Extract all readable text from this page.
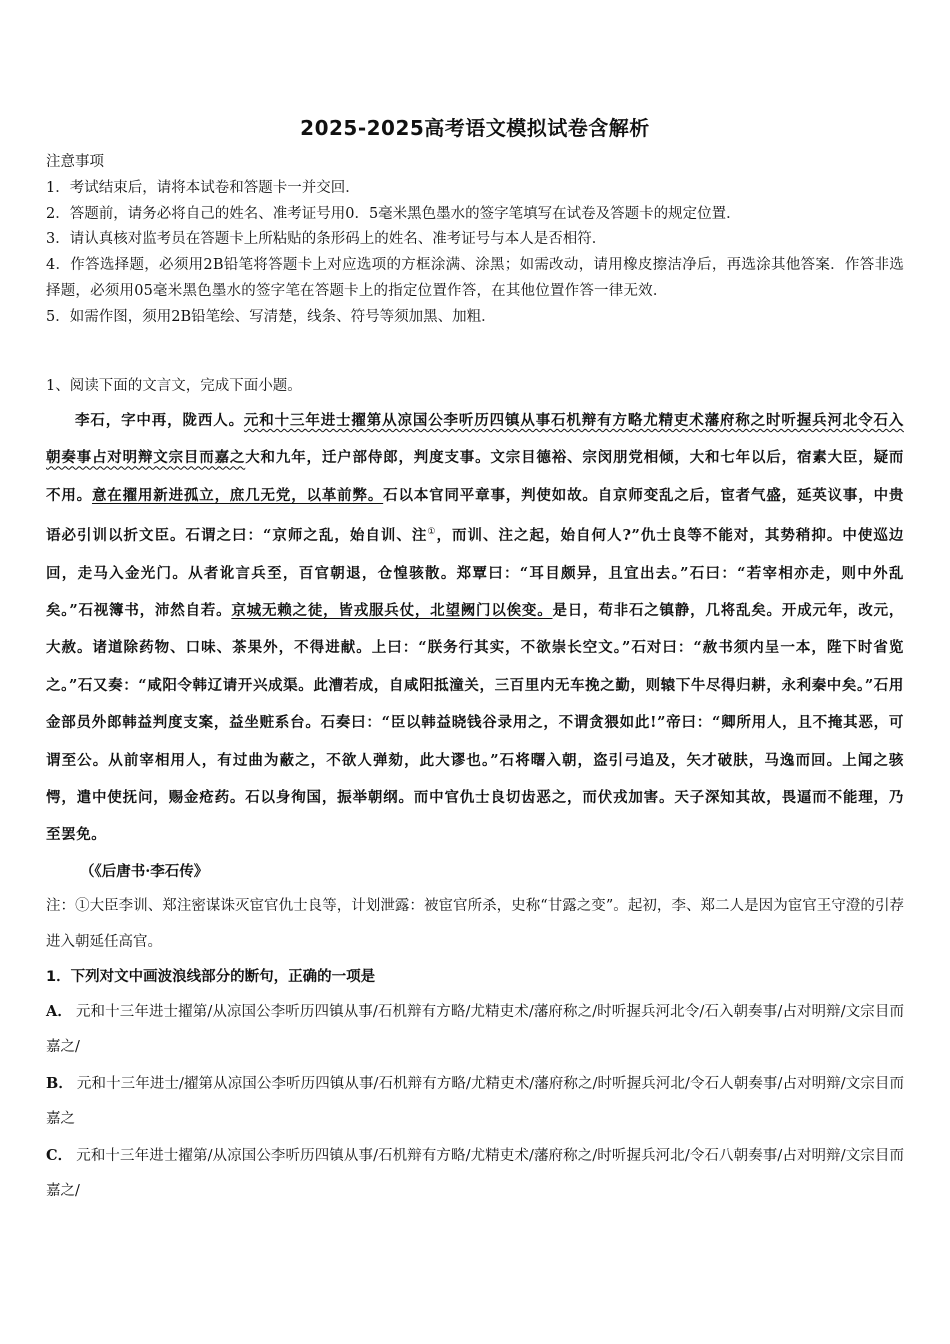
2025-2025高考语文模拟试卷含解析
注意事项
1．考试结束后，请将本试卷和答题卡一并交回．
2．答题前，请务必将自己的姓名、准考证号用0．5毫米黑色墨水的签字笔填写在试卷及答题卡的规定位置．
3．请认真核对监考员在答题卡上所粘贴的条形码上的姓名、准考证号与本人是否相符．
4．作答选择题，必须用2B铅笔将答题卡上对应选项的方框涂满、涂黑；如需改动，请用橡皮擦洁净后，再选涂其他答案．作答非选择题，必须用05毫米黑色墨水的签字笔在答题卡上的指定位置作答，在其他位置作答一律无效．
5．如需作图，须用2B铅笔绘、写清楚，线条、符号等须加黑、加粗．
1、阅读下面的文言文，完成下面小题。
李石，字中再，陇西人。元和十三年进士擢第从凉国公李听历四镇从事石机辩有方略尤精吏术藩府称之时听握兵河北令石入朝奏事占对明辩文宗目而嘉之大和九年，迁户部侍郎，判度支事。文宗目德裕、宗闵朋党相倾，大和七年以后，宿素大臣，疑而不用。意在擢用新进孤立，庶几无党，以革前弊。石以本官同平章事，判使如故。自京师变乱之后，宦者气盛，延英议事，中贵语必引训以折文臣。石谓之曰：“京师之乱，始自训、注①，而训、注之起，始自何人?”仇士良等不能对，其势稍抑。中使巡边回，走马入金光门。从者讹言兵至，百官朝退，仓惶骇散。郑覃曰：“耳目颇异，且宜出去。”石曰：“若宰相亦走，则中外乱矣。”石视簿书，沛然自若。京城无赖之徒，皆戎服兵仗，北望阙门以俟变。是日，苟非石之镇静，几将乱矣。开成元年，改元，大赦。诸道除药物、口味、茶果外，不得进献。上曰：“朕务行其实，不欲崇长空文。”石对曰：“赦书须内呈一本，陛下时省览之。”石又奏：“咸阳令韩辽请开兴成渠。此漕若成，自咸阳抵潼关，三百里内无车挽之勤，则辕下牛尽得归耕，永利秦中矣。”石用金部员外郎韩益判度支案，益坐赃系台。石奏曰：“臣以韩益晓钱谷录用之，不谓贪猥如此!”帝曰：“卿所用人，且不掩其恶，可谓至公。从前宰相用人，有过曲为蔽之，不欲人弹劾，此大谬也。”石将曙入朝，盗引弓追及，矢才破肤，马逸而回。上闻之骇愕，遣中使抚问，赐金疮药。石以身徇国，振举朝纲。而中官仇士良切齿恶之，而伏戎加害。天子深知其故，畏逼而不能理，乃至罢免。
（《后唐书·李石传》
注：①大臣李训、郑注密谋诛灭宦官仇士良等，计划泄露：被宦官所杀，史称“甘露之变”。起初，李、郑二人是因为宦官王守澄的引荐进入朝延任高官。
1．下列对文中画波浪线部分的断句，正确的一项是
A． 元和十三年进士擢第/从凉国公李听历四镇从事/石机辩有方略/尤精吏术/藩府称之/时听握兵河北令/石入朝奏事/占对明辩/文宗目而嘉之/
B． 元和十三年进士/擢第从凉国公李听历四镇从事/石机辩有方略/尤精吏术/藩府称之/时听握兵河北/令石人朝奏事/占对明辩/文宗目而嘉之
C． 元和十三年进士擢第/从凉国公李听历四镇从事/石机辩有方略/尤精吏术/藩府称之/时听握兵河北/令石八朝奏事/占对明辩/文宗目而嘉之/
